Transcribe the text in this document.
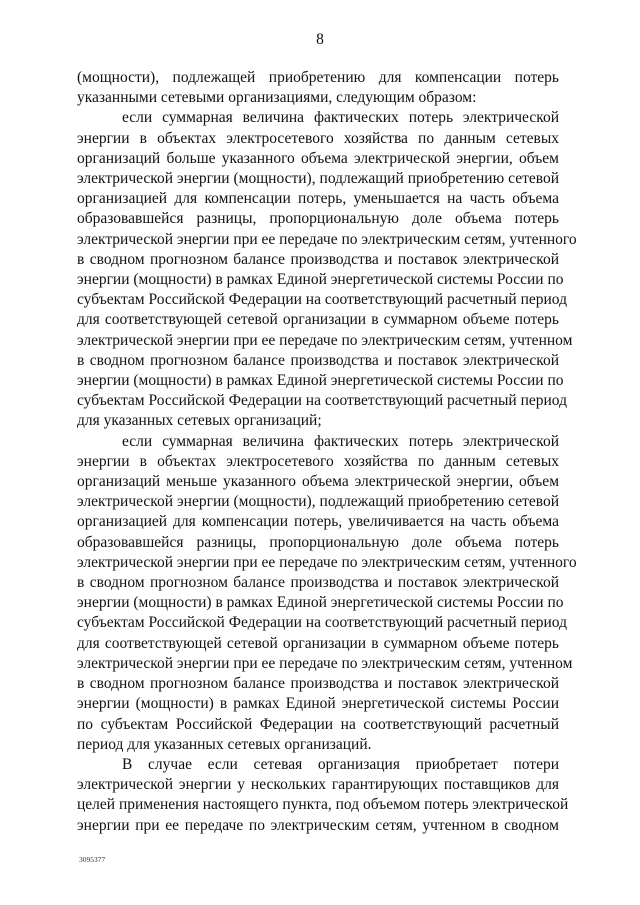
8
(мощности), подлежащей приобретению для компенсации потерь
указанными сетевыми организациями, следующим образом:
если суммарная величина фактических потерь электрической
энергии в объектах электросетевого хозяйства по данным сетевых
организаций больше указанного объема электрической энергии, объем
электрической энергии (мощности), подлежащий приобретению сетевой
организацией для компенсации потерь, уменьшается на часть объема
образовавшейся разницы, пропорциональную доле объема потерь
электрической энергии при ее передаче по электрическим сетям, учтенного
в сводном прогнозном балансе производства и поставок электрической
энергии (мощности) в рамках Единой энергетической системы России по
субъектам Российской Федерации на соответствующий расчетный период
для соответствующей сетевой организации в суммарном объеме потерь
электрической энергии при ее передаче по электрическим сетям, учтенном
в сводном прогнозном балансе производства и поставок электрической
энергии (мощности) в рамках Единой энергетической системы России по
субъектам Российской Федерации на соответствующий расчетный период
для указанных сетевых организаций;
если суммарная величина фактических потерь электрической
энергии в объектах электросетевого хозяйства по данным сетевых
организаций меньше указанного объема электрической энергии, объем
электрической энергии (мощности), подлежащий приобретению сетевой
организацией для компенсации потерь, увеличивается на часть объема
образовавшейся разницы, пропорциональную доле объема потерь
электрической энергии при ее передаче по электрическим сетям, учтенного
в сводном прогнозном балансе производства и поставок электрической
энергии (мощности) в рамках Единой энергетической системы России по
субъектам Российской Федерации на соответствующий расчетный период
для соответствующей сетевой организации в суммарном объеме потерь
электрической энергии при ее передаче по электрическим сетям, учтенном
в сводном прогнозном балансе производства и поставок электрической
энергии (мощности) в рамках Единой энергетической системы России
по субъектам Российской Федерации на соответствующий расчетный
период для указанных сетевых организаций.
В случае если сетевая организация приобретает потери
электрической энергии у нескольких гарантирующих поставщиков для
целей применения настоящего пункта, под объемом потерь электрической
энергии при ее передаче по электрическим сетям, учтенном в сводном
3095377
